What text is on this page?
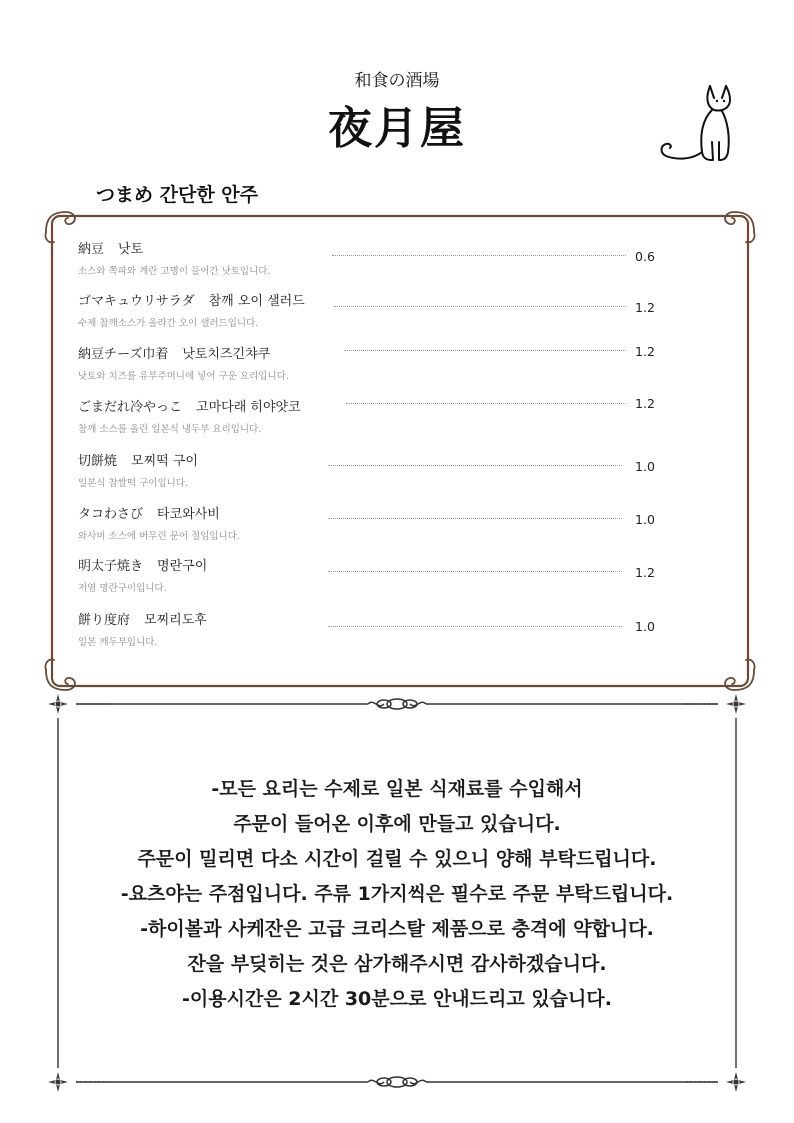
和食の酒場
夜月屋
つまめ 간단한 안주
納豆 낫토
소스와 쪽파와 계란 고명이 들어간 낫토입니다.
0.6
ゴマキュウリサラダ 참깨 오이 샐러드
수제 참깨소스가 올라간 오이 샐러드입니다.
1.2
納豆チーズ巾着 낫토치즈긴챠쿠
낫토와 치즈를 유부주머니에 넣어 구운 요리입니다.
1.2
ごまだれ冷やっこ 고마다래 히야얏코
참깨 소스를 올린 일본식 냉두부 요리입니다.
1.2
切餅焼 모찌떡 구이
일본식 찹쌀떡 구이입니다.
1.0
タコわさび 타코와사비
와사비 소스에 버무린 문어 절임입니다.
1.0
明太子焼き 명란구이
저염 명란구이입니다.
1.2
餅り度府 모찌리도후
일본 깨두부입니다.
1.0
-모든 요리는 수제로 일본 식재료를 수입해서
주문이 들어온 이후에 만들고 있습니다.
주문이 밀리면 다소 시간이 걸릴 수 있으니 양해 부탁드립니다.
-요츠야는 주점입니다. 주류 1가지씩은 필수로 주문 부탁드립니다.
-하이볼과 사케잔은 고급 크리스탈 제품으로 충격에 약합니다.
잔을 부딪히는 것은 삼가해주시면 감사하겠습니다.
-이용시간은 2시간 30분으로 안내드리고 있습니다.
